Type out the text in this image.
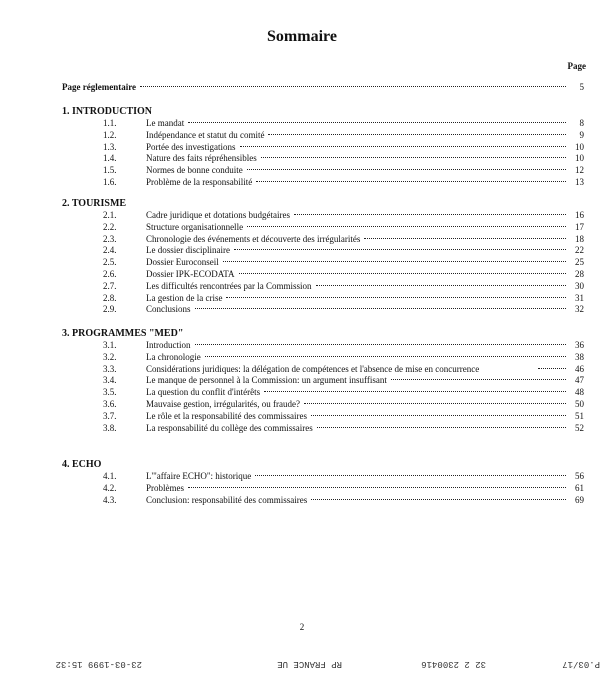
Sommaire
Page
Page réglementaire	5
1. INTRODUCTION
1.1.	Le mandat	8
1.2.	Indépendance et statut du comité	9
1.3.	Portée des investigations	10
1.4.	Nature des faits répréhensibles	10
1.5.	Normes de bonne conduite	12
1.6.	Problème de la responsabilité	13
2. TOURISME
2.1.	Cadre juridique et dotations budgétaires	16
2.2.	Structure organisationnelle	17
2.3.	Chronologie des événements et découverte des irrégularités	18
2.4.	Le dossier disciplinaire	22
2.5.	Dossier Euroconseil	25
2.6.	Dossier IPK-ECODATA	28
2.7.	Les difficultés rencontrées par la Commission	30
2.8.	La gestion de la crise	31
2.9.	Conclusions	32
3. PROGRAMMES "MED"
3.1.	Introduction	36
3.2.	La chronologie	38
3.3.	Considérations juridiques: la délégation de compétences et l'absence de mise en concurrence	46
3.4.	Le manque de personnel à la Commission: un argument insuffisant	47
3.5.	La question du conflit d'intérêts	48
3.6.	Mauvaise gestion, irrégularités, ou fraude?	50
3.7.	Le rôle et la responsabilité des commissaires	51
3.8.	La responsabilité du collège des commissaires	52
4. ECHO
4.1.	L'"affaire ECHO": historique	56
4.2.	Problèmes	61
4.3.	Conclusion: responsabilité des commissaires	69
2
P.03/17
32 2 2300416
RP FRANCE UE
23-03-1999 15:32
